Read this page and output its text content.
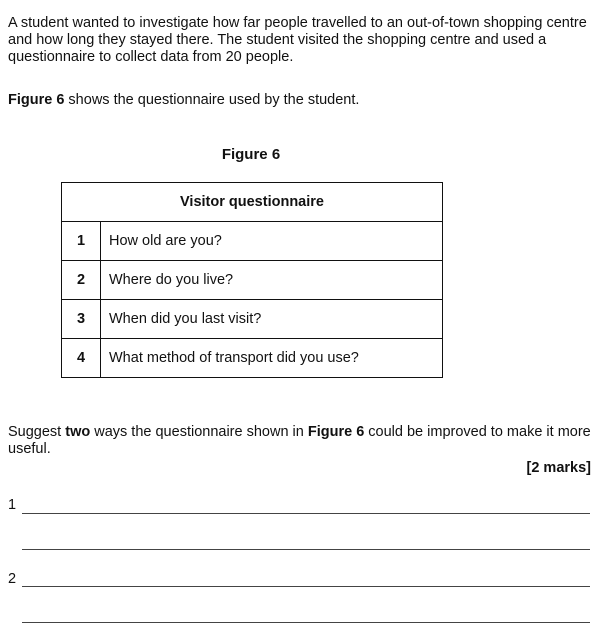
A student wanted to investigate how far people travelled to an out-of-town shopping centre and how long they stayed there. The student visited the shopping centre and used a questionnaire to collect data from 20 people.

Figure 6 shows the questionnaire used by the student.

Figure 6
Visitor questionnaire	
1	How old are you?
2	Where do you live?
3	When did you last visit?
4	What method of transport did you use?

Suggest two ways the questionnaire shown in Figure 6 could be improved to make it more useful.

[2 marks]
1
2
